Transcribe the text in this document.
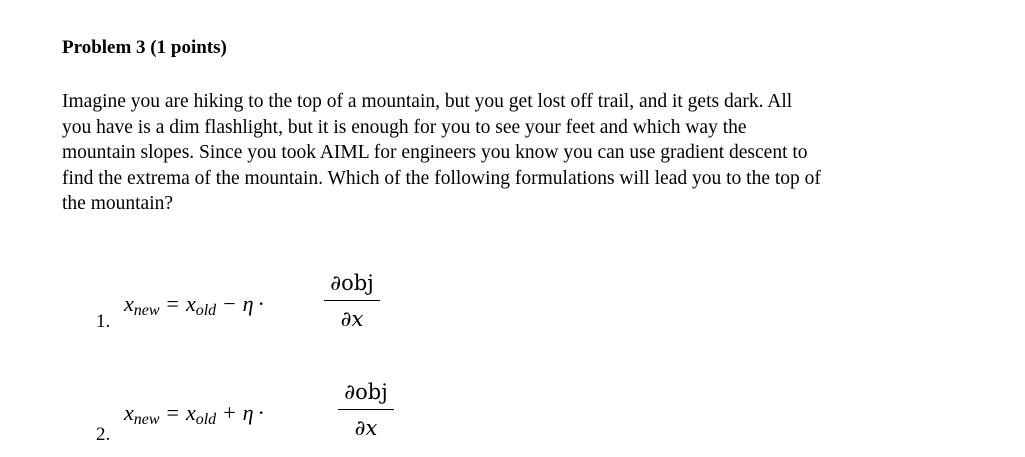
Problem 3 (1 points)
Imagine you are hiking to the top of a mountain, but you get lost off trail, and it gets dark. All
you have is a dim flashlight, but it is enough for you to see your feet and which way the
mountain slopes. Since you took AIML for engineers you know you can use gradient descent to
find the extrema of the mountain. Which of the following formulations will lead you to the top of
the mountain?
1.
xnew = xold − η ·
∂obj
∂x
2.
xnew = xold + η ·
∂obj
∂x
